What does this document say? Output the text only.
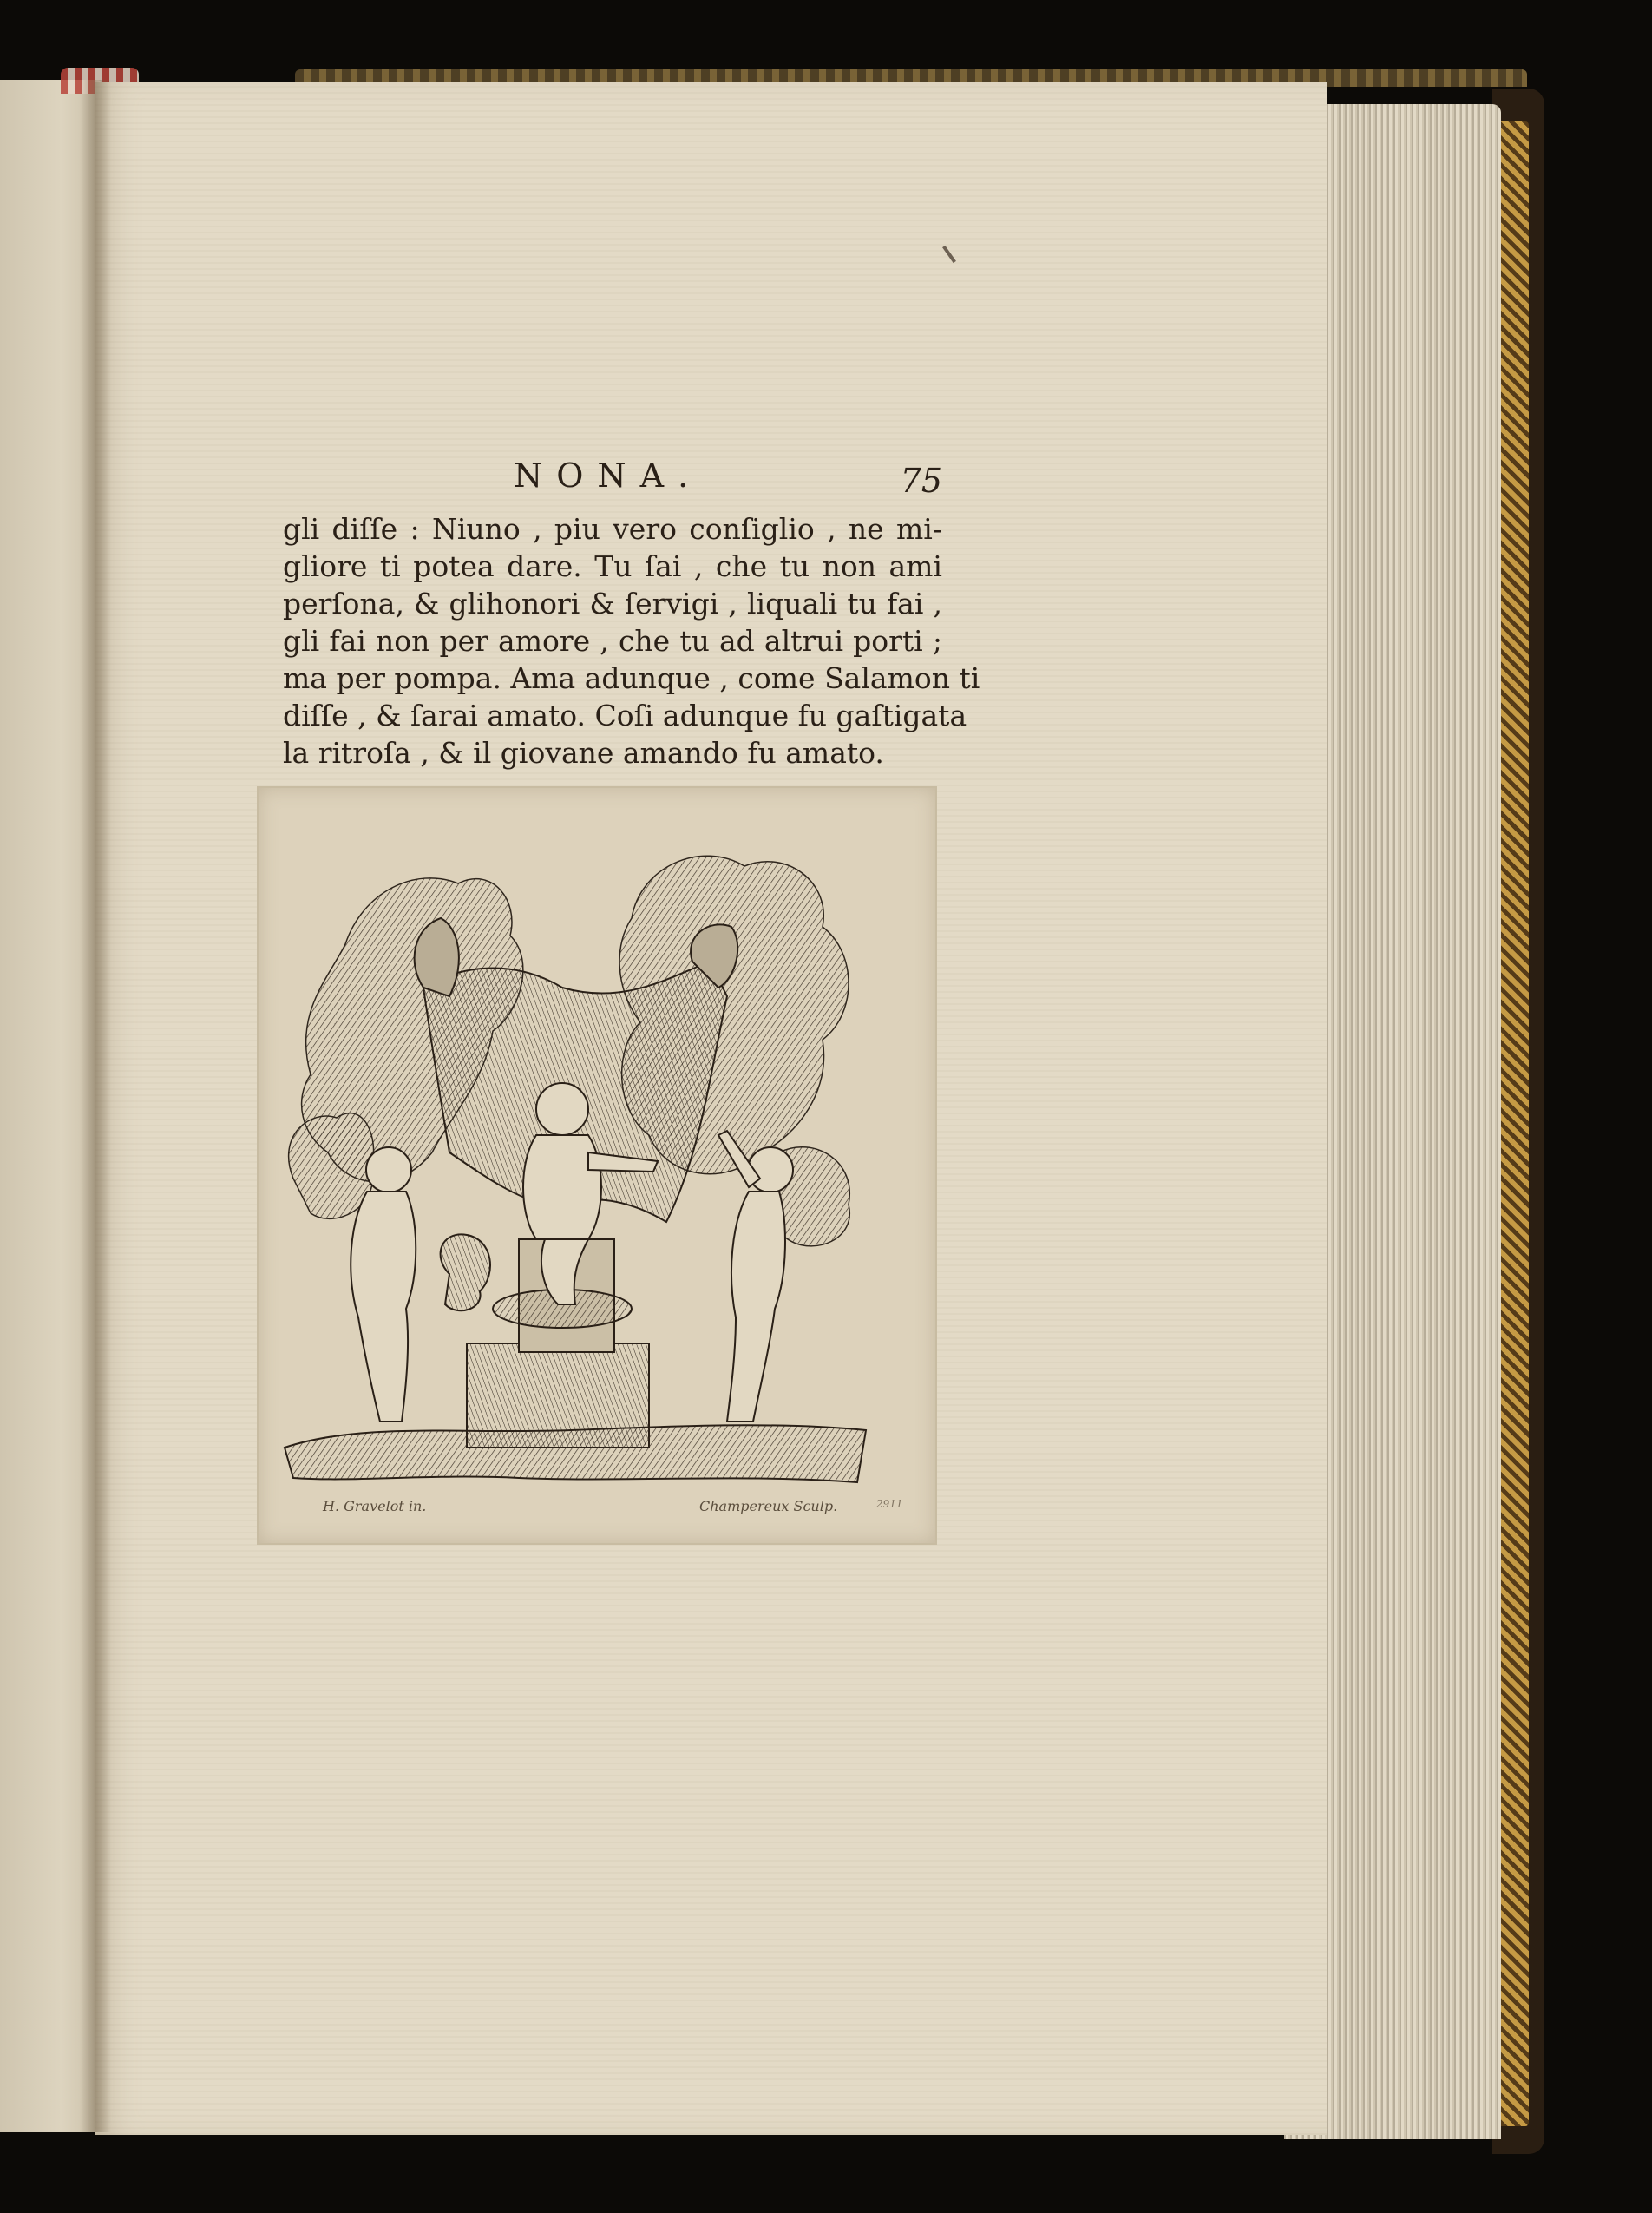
NONA.	75
gli diſſe : Niuno , piu vero conſiglio , ne mi-
gliore ti potea dare. Tu ſai , che tu non ami
perſona, & glihonori & ſervigi , liquali tu fai ,
gli fai non per amore , che tu ad altrui porti ;
ma per pompa. Ama adunque , come Salamon ti
diſſe , & ſarai amato. Coſi adunque fu gaſtigata
la ritroſa , & il giovane amando fu amato.
H. Gravelot in.	Champereux Sculp.	2911
